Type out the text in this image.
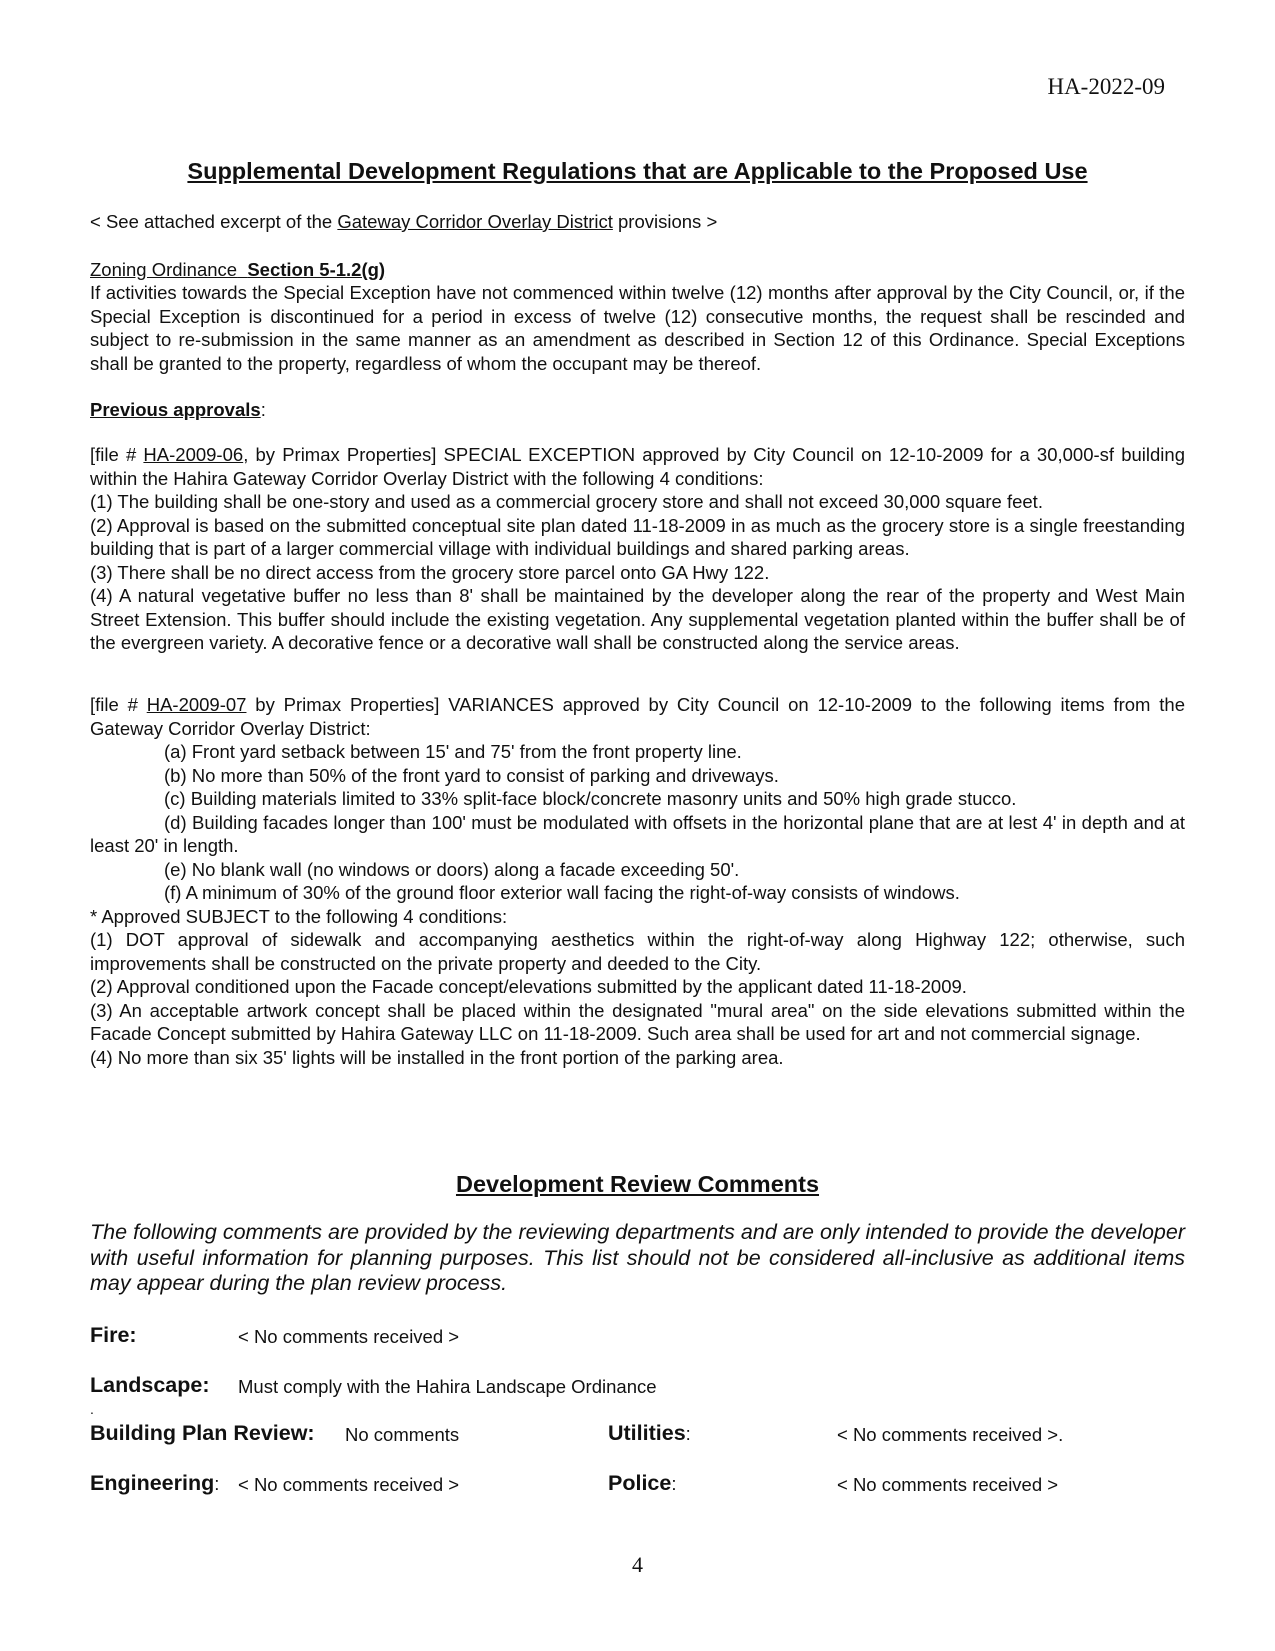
HA-2022-09
Supplemental Development Regulations that are Applicable to the Proposed Use
< See attached excerpt of the Gateway Corridor Overlay District provisions >
Zoning Ordinance Section 5-1.2(g)
If activities towards the Special Exception have not commenced within twelve (12) months after approval by the City Council, or, if the Special Exception is discontinued for a period in excess of twelve (12) consecutive months, the request shall be rescinded and subject to re-submission in the same manner as an amendment as described in Section 12 of this Ordinance. Special Exceptions shall be granted to the property, regardless of whom the occupant may be thereof.
Previous approvals:
[file # HA-2009-06, by Primax Properties] SPECIAL EXCEPTION approved by City Council on 12-10-2009 for a 30,000-sf building within the Hahira Gateway Corridor Overlay District with the following 4 conditions:
(1) The building shall be one-story and used as a commercial grocery store and shall not exceed 30,000 square feet.
(2) Approval is based on the submitted conceptual site plan dated 11-18-2009 in as much as the grocery store is a single freestanding building that is part of a larger commercial village with individual buildings and shared parking areas.
(3) There shall be no direct access from the grocery store parcel onto GA Hwy 122.
(4) A natural vegetative buffer no less than 8' shall be maintained by the developer along the rear of the property and West Main Street Extension. This buffer should include the existing vegetation. Any supplemental vegetation planted within the buffer shall be of the evergreen variety. A decorative fence or a decorative wall shall be constructed along the service areas.
[file # HA-2009-07 by Primax Properties] VARIANCES approved by City Council on 12-10-2009 to the following items from the Gateway Corridor Overlay District:
(a) Front yard setback between 15' and 75' from the front property line.
(b) No more than 50% of the front yard to consist of parking and driveways.
(c) Building materials limited to 33% split-face block/concrete masonry units and 50% high grade stucco.
(d) Building facades longer than 100' must be modulated with offsets in the horizontal plane that are at lest 4' in depth and at least 20' in length.
(e) No blank wall (no windows or doors) along a facade exceeding 50'.
(f) A minimum of 30% of the ground floor exterior wall facing the right-of-way consists of windows.
* Approved SUBJECT to the following 4 conditions:
(1) DOT approval of sidewalk and accompanying aesthetics within the right-of-way along Highway 122; otherwise, such improvements shall be constructed on the private property and deeded to the City.
(2) Approval conditioned upon the Facade concept/elevations submitted by the applicant dated 11-18-2009.
(3) An acceptable artwork concept shall be placed within the designated "mural area" on the side elevations submitted within the Facade Concept submitted by Hahira Gateway LLC on 11-18-2009. Such area shall be used for art and not commercial signage.
(4) No more than six 35' lights will be installed in the front portion of the parking area.
Development Review Comments
The following comments are provided by the reviewing departments and are only intended to provide the developer with useful information for planning purposes. This list should not be considered all-inclusive as additional items may appear during the plan review process.
Fire:	< No comments received >
Landscape: Must comply with the Hahira Landscape Ordinance
.
Building Plan Review: No comments	Utilities:	< No comments received >.
Engineering: < No comments received >	Police:	< No comments received >
4
